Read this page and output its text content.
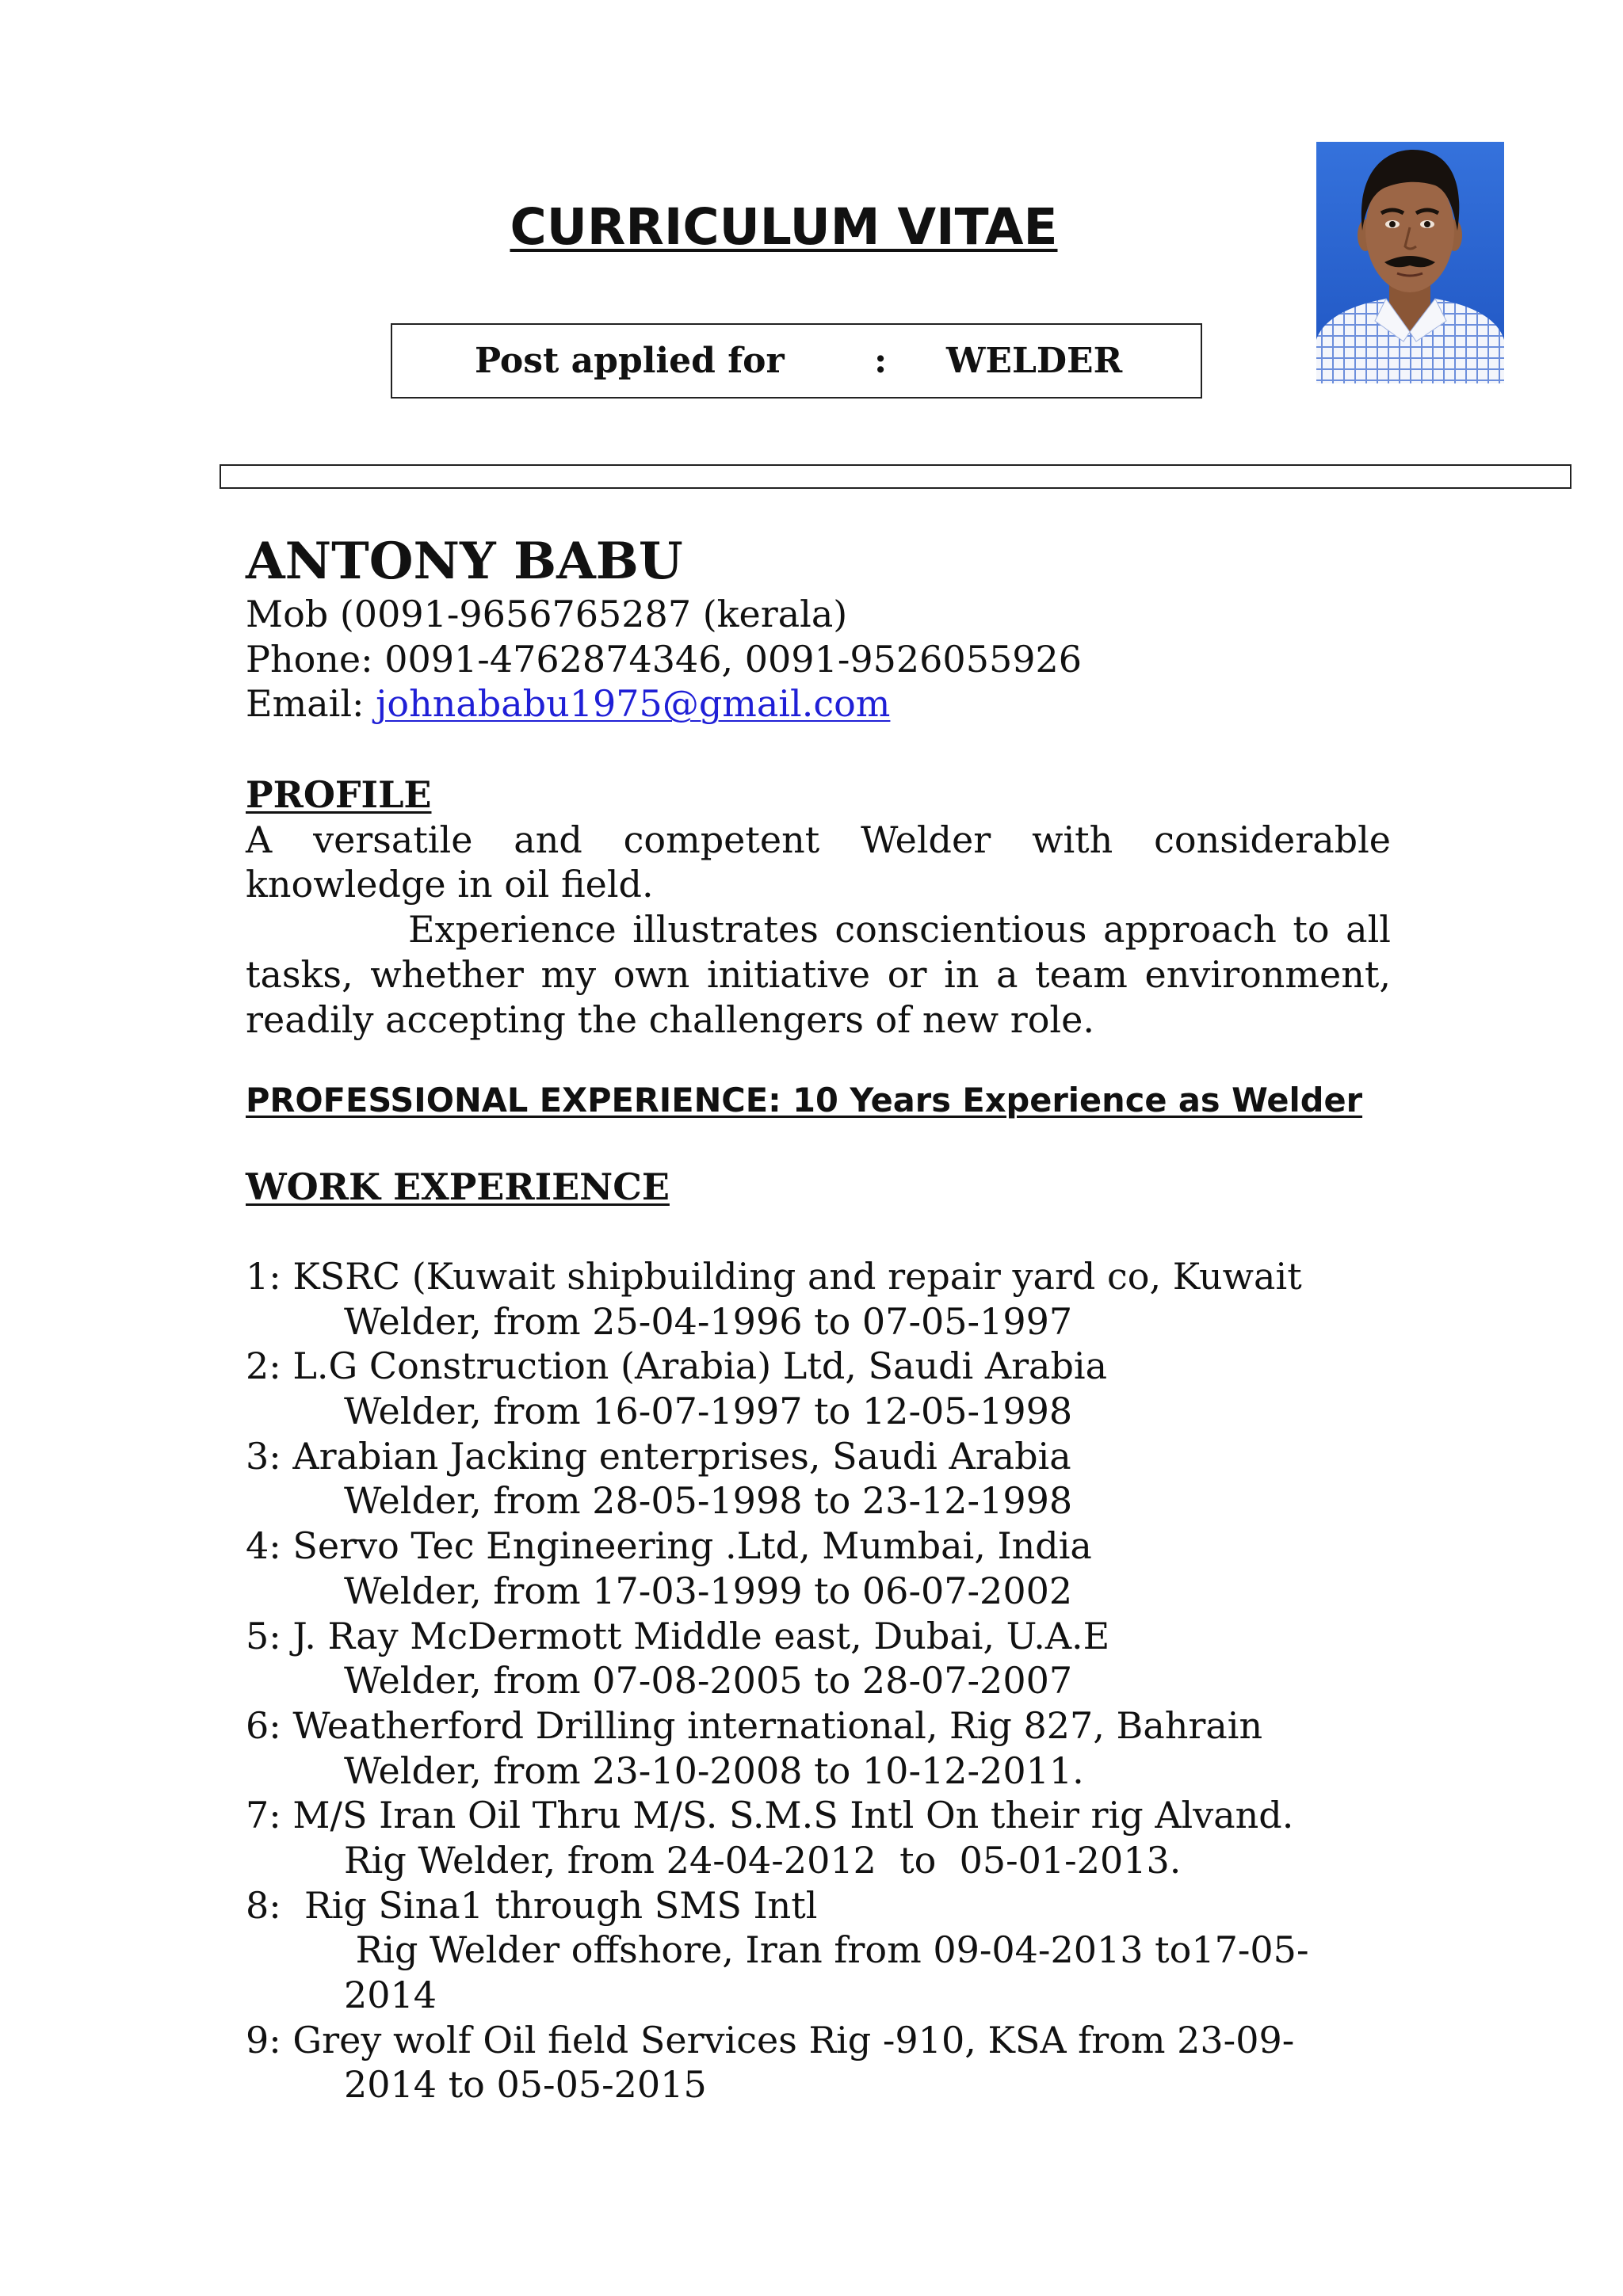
CURRICULUM VITAE
Post applied for	: WELDER
ANTONY BABU
Mob (0091-9656765287 (kerala)
Phone: 0091-4762874346, 0091-9526055926
Email: johnababu1975@gmail.com
PROFILE
A versatile and competent Welder with considerable knowledge in oil field.
Experience illustrates conscientious approach to all tasks, whether my own initiative or in a team environment, readily accepting the challengers of new role.
PROFESSIONAL EXPERIENCE: 10 Years Experience as Welder
WORK EXPERIENCE
1: KSRC (Kuwait shipbuilding and repair yard co, Kuwait
Welder, from 25-04-1996 to 07-05-1997
2: L.G Construction (Arabia) Ltd, Saudi Arabia
Welder, from 16-07-1997 to 12-05-1998
3: Arabian Jacking enterprises, Saudi Arabia
Welder, from 28-05-1998 to 23-12-1998
4: Servo Tec Engineering .Ltd, Mumbai, India
Welder, from 17-03-1999 to 06-07-2002
5: J. Ray McDermott Middle east, Dubai, U.A.E
Welder, from 07-08-2005 to 28-07-2007
6: Weatherford Drilling international, Rig 827, Bahrain
Welder, from 23-10-2008 to 10-12-2011.
7: M/S Iran Oil Thru M/S. S.M.S Intl On their rig Alvand.
Rig Welder, from 24-04-2012  to  05-01-2013.
8:  Rig Sina1 through SMS Intl
Rig Welder offshore, Iran from 09-04-2013 to17-05-
2014
9: Grey wolf Oil field Services Rig -910, KSA from 23-09-
2014 to 05-05-2015
